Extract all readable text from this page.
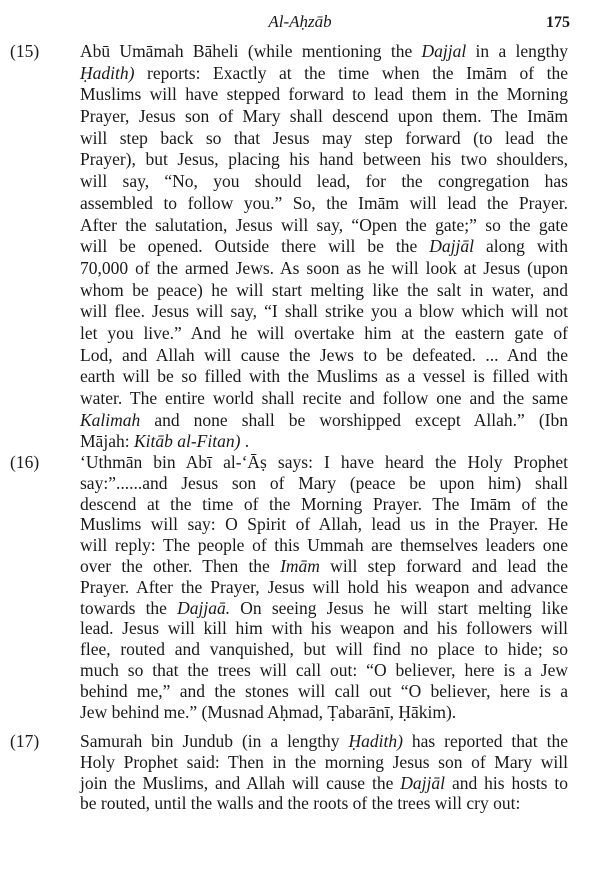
Al-Aḥzāb	175
(15) Abū Umāmah Bāheli (while mentioning the Dajjal in a lengthy
Ḥadith) reports: Exactly at the time when the Imām of the
Muslims will have stepped forward to lead them in the Morning
Prayer, Jesus son of Mary shall descend upon them. The Imām
will step back so that Jesus may step forward (to lead the
Prayer), but Jesus, placing his hand between his two shoulders,
will say, “No, you should lead, for the congregation has
assembled to follow you.” So, the Imām will lead the Prayer.
After the salutation, Jesus will say, “Open the gate;” so the gate
will be opened. Outside there will be the Dajjāl along with
70,000 of the armed Jews. As soon as he will look at Jesus (upon
whom be peace) he will start melting like the salt in water, and
will flee. Jesus will say, “I shall strike you a blow which will not
let you live.” And he will overtake him at the eastern gate of
Lod, and Allah will cause the Jews to be defeated. ... And the
earth will be so filled with the Muslims as a vessel is filled with
water. The entire world shall recite and follow one and the same
Kalimah and none shall be worshipped except Allah.” (Ibn
Mājah: Kitāb al-Fitan) .
(16) ‘Uthmān bin Abī al-‘Āṣ says: I have heard the Holy Prophet
say:”......and Jesus son of Mary (peace be upon him) shall
descend at the time of the Morning Prayer. The Imām of the
Muslims will say: O Spirit of Allah, lead us in the Prayer. He
will reply: The people of this Ummah are themselves leaders one
over the other. Then the Imām will step forward and lead the
Prayer. After the Prayer, Jesus will hold his weapon and advance
towards the Dajjaā. On seeing Jesus he will start melting like
lead. Jesus will kill him with his weapon and his followers will
flee, routed and vanquished, but will find no place to hide; so
much so that the trees will call out: “O believer, here is a Jew
behind me,” and the stones will call out “O believer, here is a
Jew behind me.” (Musnad Aḥmad, Ṭabarānī, Ḥākim).
(17) Samurah bin Jundub (in a lengthy Ḥadith) has reported that the
Holy Prophet said: Then in the morning Jesus son of Mary will
join the Muslims, and Allah will cause the Dajjāl and his hosts to
be routed, until the walls and the roots of the trees will cry out:
